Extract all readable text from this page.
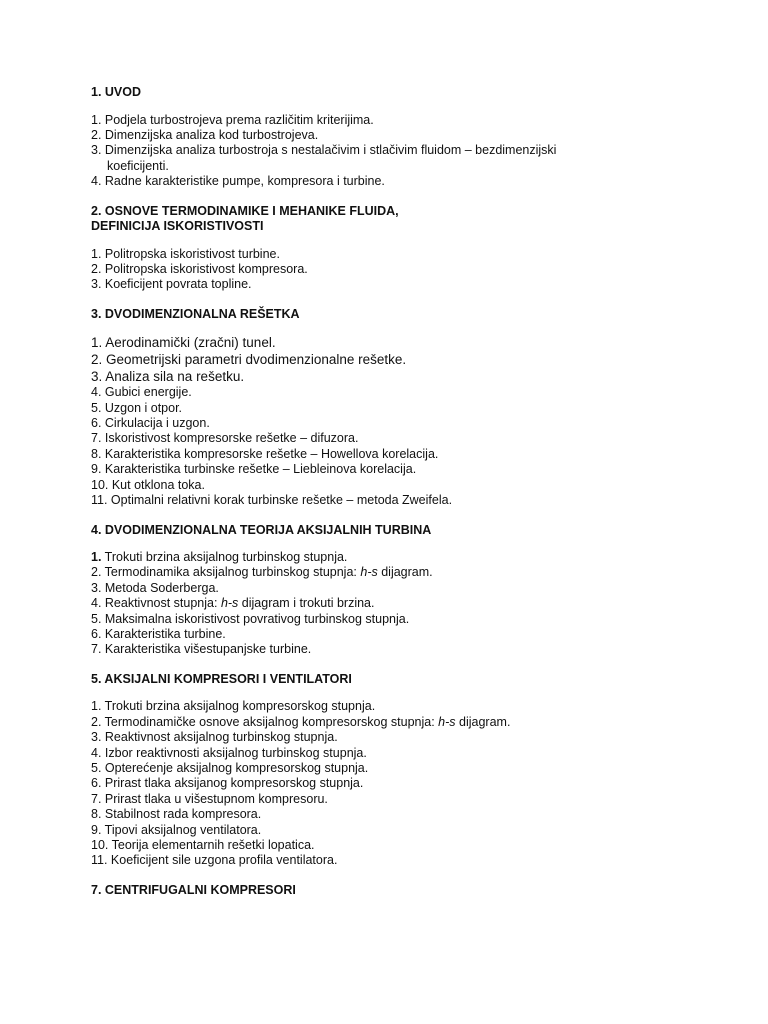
1. UVOD

1. Podjela turbostrojeva prema različitim kriterijima.
2. Dimenzijska analiza kod turbostrojeva.
3. Dimenzijska analiza turbostroja s nestalačivim i stlačivim fluidom – bezdimenzijski
koeficijenti.
4. Radne karakteristike pumpe, kompresora i turbine.

2. OSNOVE TERMODINAMIKE I MEHANIKE FLUIDA,

DEFINICIJA ISKORISTIVOSTI

1. Politropska iskoristivost turbine.
2. Politropska iskoristivost kompresora.
3. Koeficijent povrata topline.

3. DVODIMENZIONALNA REŠETKA

1. Aerodinamički (zračni) tunel.
2. Geometrijski parametri dvodimenzionalne rešetke.
3. Analiza sila na rešetku.
4. Gubici energije.
5. Uzgon i otpor.
6. Cirkulacija i uzgon.
7. Iskoristivost kompresorske rešetke – difuzora.
8. Karakteristika kompresorske rešetke – Howellova korelacija.
9. Karakteristika turbinske rešetke – Liebleinova korelacija.
10. Kut otklona toka.
11. Optimalni relativni korak turbinske rešetke – metoda Zweifela.

4. DVODIMENZIONALNA TEORIJA AKSIJALNIH TURBINA

1. Trokuti brzina aksijalnog turbinskog stupnja.
2. Termodinamika aksijalnog turbinskog stupnja: h-s dijagram.
3. Metoda Soderberga.
4. Reaktivnost stupnja: h-s dijagram i trokuti brzina.
5. Maksimalna iskoristivost povrativog turbinskog stupnja.
6. Karakteristika turbine.
7. Karakteristika višestupanjske turbine.

5. AKSIJALNI KOMPRESORI I VENTILATORI

1. Trokuti brzina aksijalnog kompresorskog stupnja.
2. Termodinamičke osnove aksijalnog kompresorskog stupnja: h-s dijagram.
3. Reaktivnost aksijalnog turbinskog stupnja.
4. Izbor reaktivnosti aksijalnog turbinskog stupnja.
5. Opterećenje aksijalnog kompresorskog stupnja.
6. Prirast tlaka aksijanog kompresorskog stupnja.
7. Prirast tlaka u višestupnom kompresoru.
8. Stabilnost rada kompresora.
9. Tipovi aksijalnog ventilatora.
10. Teorija elementarnih rešetki lopatica.
11. Koeficijent sile uzgona profila ventilatora.

7. CENTRIFUGALNI KOMPRESORI
